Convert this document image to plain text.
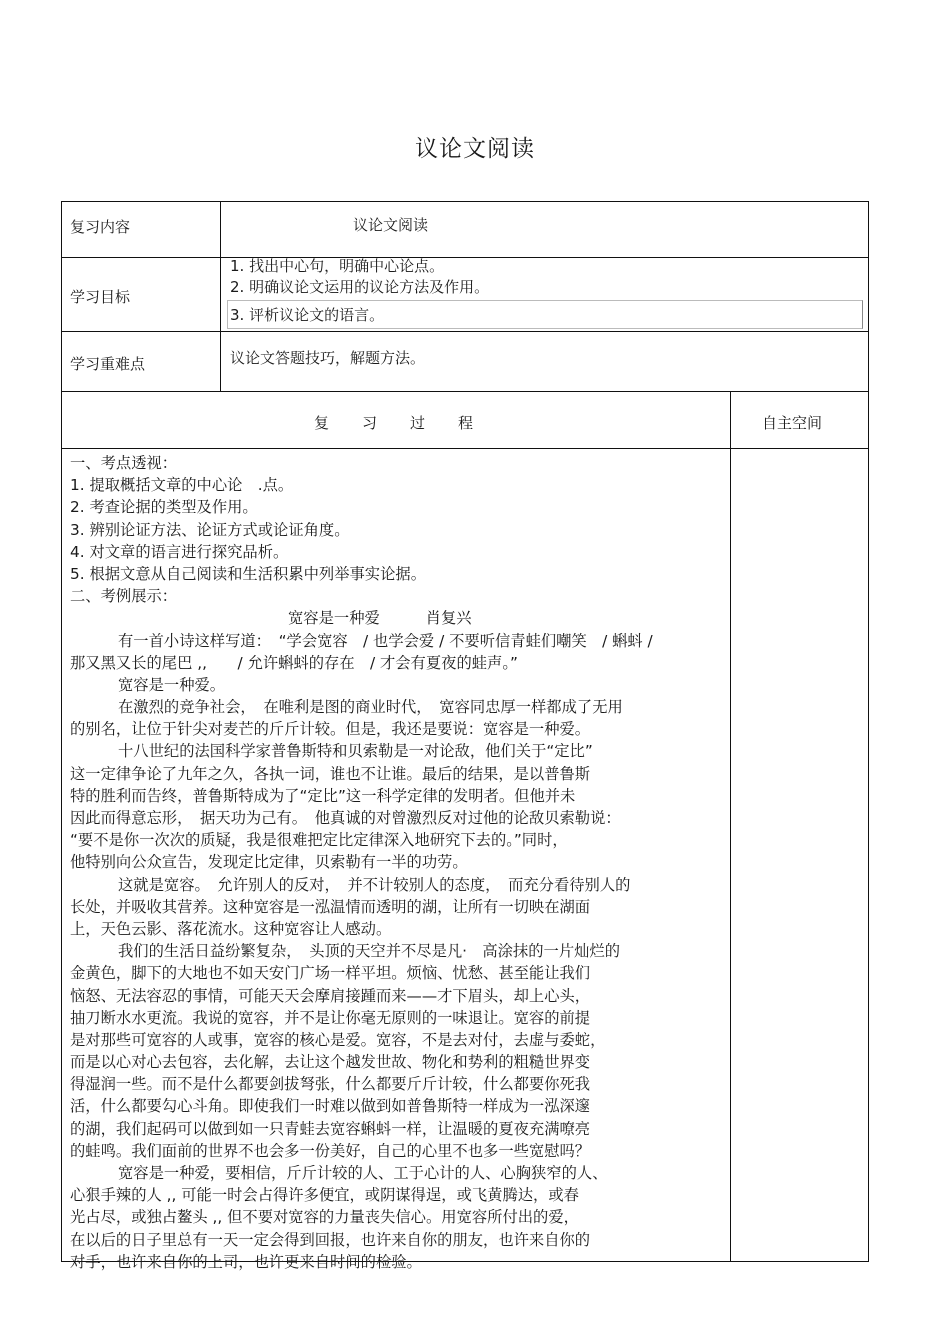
议论文阅读
复习内容	议论文阅读
学习目标
1. 找出中心句，明确中心论点。
2. 明确议论文运用的议论方法及作用。
3. 评析议论文的语言。
学习重难点	议论文答题技巧，解题方法。
复　　习　　过　　程	自主空间
一、考点透视：
1. 提取概括文章的中心论　.点。
2. 考查论据的类型及作用。
3. 辨别论证方法、论证方式或论证角度。
4. 对文章的语言进行探究品析。
5. 根据文意从自己阅读和生活积累中列举事实论据。
二、考例展示：
宽容是一种爱　　　肖复兴
有一首小诗这样写道：　“学会宽容　/ 也学会爱 / 不要听信青蛙们嘲笑　/ 蝌蚪 /
那又黑又长的尾巴 ,,　　/ 允许蝌蚪的存在　/ 才会有夏夜的蛙声。”
宽容是一种爱。
在激烈的竞争社会，　在唯利是图的商业时代，　宽容同忠厚一样都成了无用
的别名，让位于针尖对麦芒的斤斤计较。但是，我还是要说：宽容是一种爱。
十八世纪的法国科学家普鲁斯特和贝索勒是一对论敌，他们关于“定比”
这一定律争论了九年之久，各执一词，谁也不让谁。最后的结果，是以普鲁斯
特的胜利而告终，普鲁斯特成为了“定比”这一科学定律的发明者。但他并未
因此而得意忘形，　据天功为己有。　他真诚的对曾激烈反对过他的论敌贝索勒说：
“要不是你一次次的质疑，我是很难把定比定律深入地研究下去的。”同时，
他特别向公众宣告，发现定比定律，贝索勒有一半的功劳。
这就是宽容。　允许别人的反对，　并不计较别人的态度，　而充分看待别人的
长处，并吸收其营养。这种宽容是一泓温情而透明的湖，让所有一切映在湖面
上，天色云影、落花流水。这种宽容让人感动。
我们的生活日益纷繁复杂，　头顶的天空并不尽是凡·　高涂抹的一片灿烂的
金黄色，脚下的大地也不如天安门广场一样平坦。烦恼、忧愁、甚至能让我们
恼怒、无法容忍的事情，可能天天会摩肩接踵而来——才下眉头，却上心头，
抽刀断水水更流。我说的宽容，并不是让你毫无原则的一味退让。宽容的前提
是对那些可宽容的人或事，宽容的核心是爱。宽容，不是去对付，去虚与委蛇，
而是以心对心去包容，去化解，去让这个越发世故、物化和势利的粗糙世界变
得湿润一些。而不是什么都要剑拔弩张，什么都要斤斤计较，什么都要你死我
活，什么都要勾心斗角。即使我们一时难以做到如普鲁斯特一样成为一泓深邃
的湖，我们起码可以做到如一只青蛙去宽容蝌蚪一样，让温暖的夏夜充满嘹亮
的蛙鸣。我们面前的世界不也会多一份美好，自己的心里不也多一些宽慰吗？
宽容是一种爱，要相信，斤斤计较的人、工于心计的人、心胸狭窄的人、
心狠手辣的人 ,, 可能一时会占得许多便宜，或阴谋得逞，或飞黄腾达，或春
光占尽，或独占鳌头 ,, 但不要对宽容的力量丧失信心。用宽容所付出的爱，
在以后的日子里总有一天一定会得到回报，也许来自你的朋友，也许来自你的
对手，也许来自你的上司，也许更来自时间的检验。
